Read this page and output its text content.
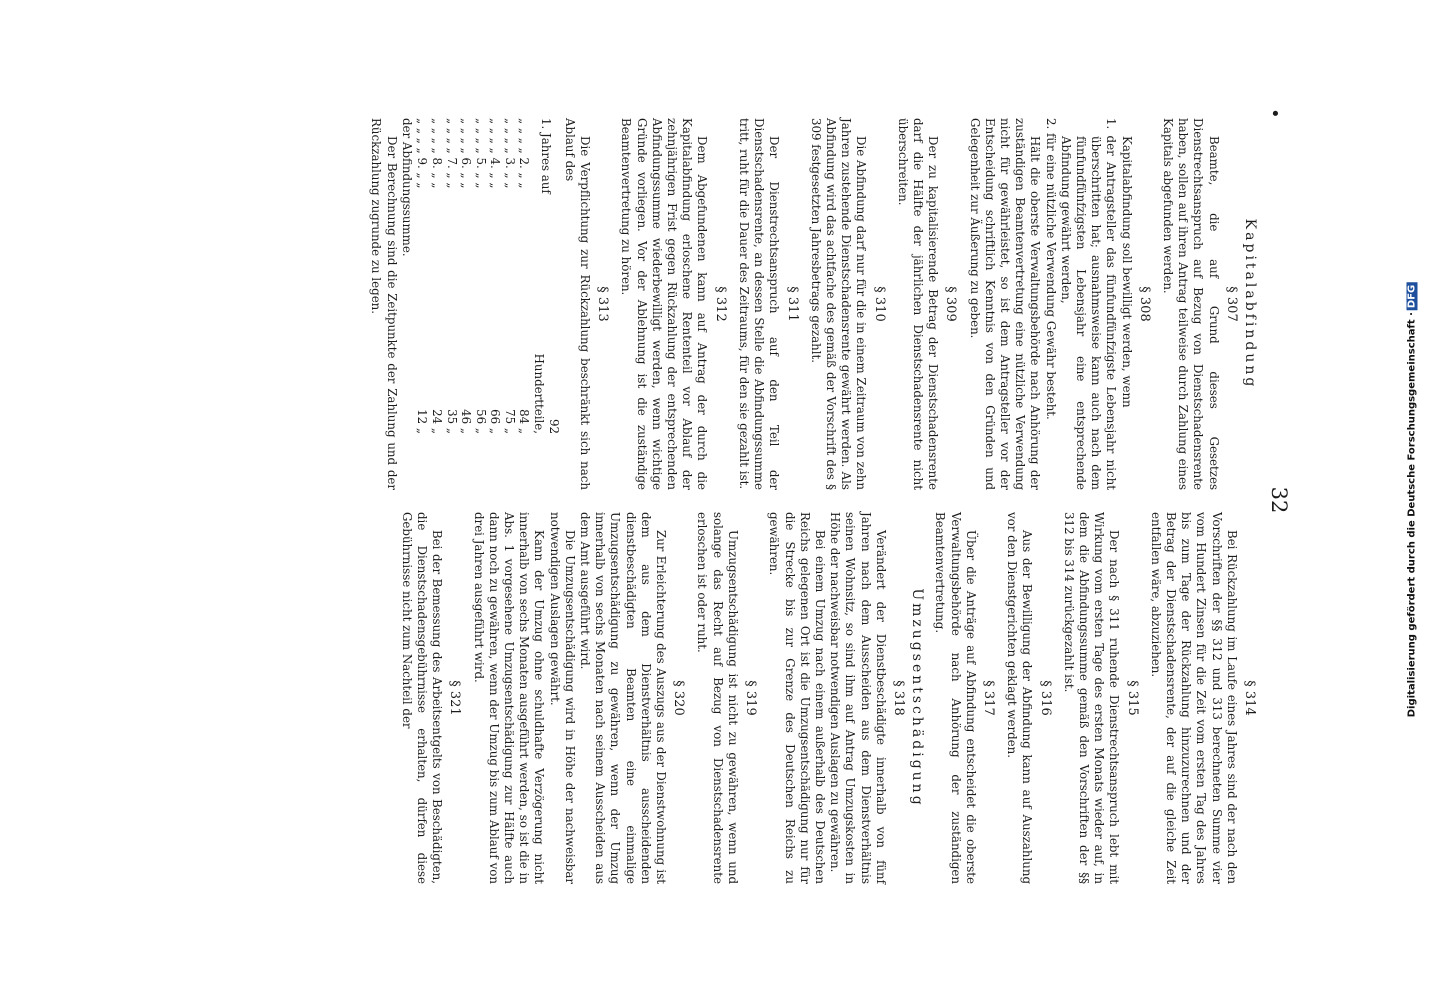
•
32
Kapitalabfindung
§ 307

Beamte, die auf Grund dieses Gesetzes Dienstrechtsanspruch auf Bezug von Dienstschadensrente haben, sollen auf ihren Antrag teilweise durch Zahlung eines Kapitals abgefunden werden.

§ 308

Kapitalabfindung soll bewilligt werden, wenn

1. der Antragsteller das fünfundfünfzigste Lebensjahr nicht überschritten hat; ausnahmsweise kann auch nach dem fünfundfünfzigsten Lebensjahr eine entsprechende Abfindung gewährt werden,
2. für eine nützliche Verwendung Gewähr besteht.

Hält die oberste Verwaltungsbehörde nach Anhörung der zuständigen Beamtenvertretung eine nützliche Verwendung nicht für gewährleistet, so ist dem Antragsteller vor der Entscheidung schriftlich Kenntnis von den Gründen und Gelegenheit zur Äußerung zu geben.

§ 309

Der zu kapitalisierende Betrag der Dienstschadensrente darf die Hälfte der jährlichen Dienstschadensrente nicht überschreiten.

§ 310

Die Abfindung darf nur für die in einem Zeitraum von zehn Jahren zustehende Dienstschadensrente gewährt werden. Als Abfindung wird das achtfache des gemäß der Vorschrift des § 309 festgesetzten Jahresbetrags gezahlt.

§ 311

Der Dienstrechtsanspruch auf den Teil der Dienstschadensrente, an dessen Stelle die Abfindungssumme tritt, ruht für die Dauer des Zeitraums, für den sie gezahlt ist.

§ 312

Dem Abgefundenen kann auf Antrag der durch die Kapitalabfindung erloschene Rententeil vor Ablauf der zehnjährigen Frist gegen Rückzahlung der entsprechenden Abfindungssumme wiederbewilligt werden, wenn wichtige Gründe vorliegen. Vor der Ablehnung ist die zuständige Beamtenvertretung zu hören.

§ 313

Die Verpflichtung zur Rückzahlung beschränkt sich nach Ablauf des

1. Jahres auf	92 Hundertteile,
„ „ „ „ 2. „ „	84 „
„ „ „ „ 3. „ „	75 „
„ „ „ „ 4. „ „	66 „
„ „ „ „ 5. „ „	56 „
„ „ „ „ 6. „ „	46 „
„ „ „ „ 7. „ „	35 „
„ „ „ „ 8. „ „	24 „
„ „ „ „ 9. „ „	12 „

der Abfindungssumme.

Der Berechnung sind die Zeitpunkte der Zahlung und der Rückzahlung zugrunde zu legen.

§ 314

Bei Rückzahlung im Laufe eines Jahres sind der nach den Vorschriften der §§ 312 und 313 berechneten Summe vier vom Hundert Zinsen für die Zeit vom ersten Tag des Jahres bis zum Tage der Rückzahlung hinzuzurechnen und der Betrag der Dienstschadensrente, der auf die gleiche Zeit entfallen wäre, abzuziehen.

§ 315

Der nach § 311 ruhende Dienstrechtsanspruch lebt mit Wirkung vom ersten Tage des ersten Monats wieder auf, in dem die Abfindungssumme gemäß den Vorschriften der §§ 312 bis 314 zurückgezahlt ist.

§ 316

Aus der Bewilligung der Abfindung kann auf Auszahlung vor den Dienstgerichten geklagt werden.

§ 317

Über die Anträge auf Abfindung entscheidet die oberste Verwaltungsbehörde nach Anhörung der zuständigen Beamtenvertretung.

Umzugsentschädigung
§ 318

Verändert der Dienstbeschädigte innerhalb von fünf Jahren nach dem Ausscheiden aus dem Dienstverhältnis seinen Wohnsitz, so sind ihm auf Antrag Umzugskosten in Höhe der nachweisbar notwendigen Auslagen zu gewähren.

Bei einem Umzug nach einem außerhalb des Deutschen Reichs gelegenen Ort ist die Umzugsentschädigung nur für die Strecke bis zur Grenze des Deutschen Reichs zu gewähren.

§ 319

Umzugsentschädigung ist nicht zu gewähren, wenn und solange das Recht auf Bezug von Dienstschadensrente erloschen ist oder ruht.

§ 320

Zur Erleichterung des Auszugs aus der Dienstwohnung ist dem aus dem Dienstverhältnis ausscheidenden dienstbeschädigten Beamten eine einmalige Umzugsentschädigung zu gewähren, wenn der Umzug innerhalb von sechs Monaten nach seinem Ausscheiden aus dem Amt ausgeführt wird.

Die Umzugsentschädigung wird in Höhe der nachweisbar notwendigen Auslagen gewährt.

Kann der Umzug ohne schuldhafte Verzögerung nicht innerhalb von sechs Monaten ausgeführt werden, so ist die in Abs. 1 vorgesehene Umzugsentschädigung zur Hälfte auch dann noch zu gewähren, wenn der Umzug bis zum Ablauf von drei Jahren ausgeführt wird.

§ 321

Bei der Bemessung des Arbeitsentgelts von Beschädigten, die Dienstschadensgebührnisse erhalten, dürfen diese Gebührnisse nicht zum Nachteil der	Digitalisierung gefördert durch die Deutsche Forschungsgemeinschaft ·DFG
